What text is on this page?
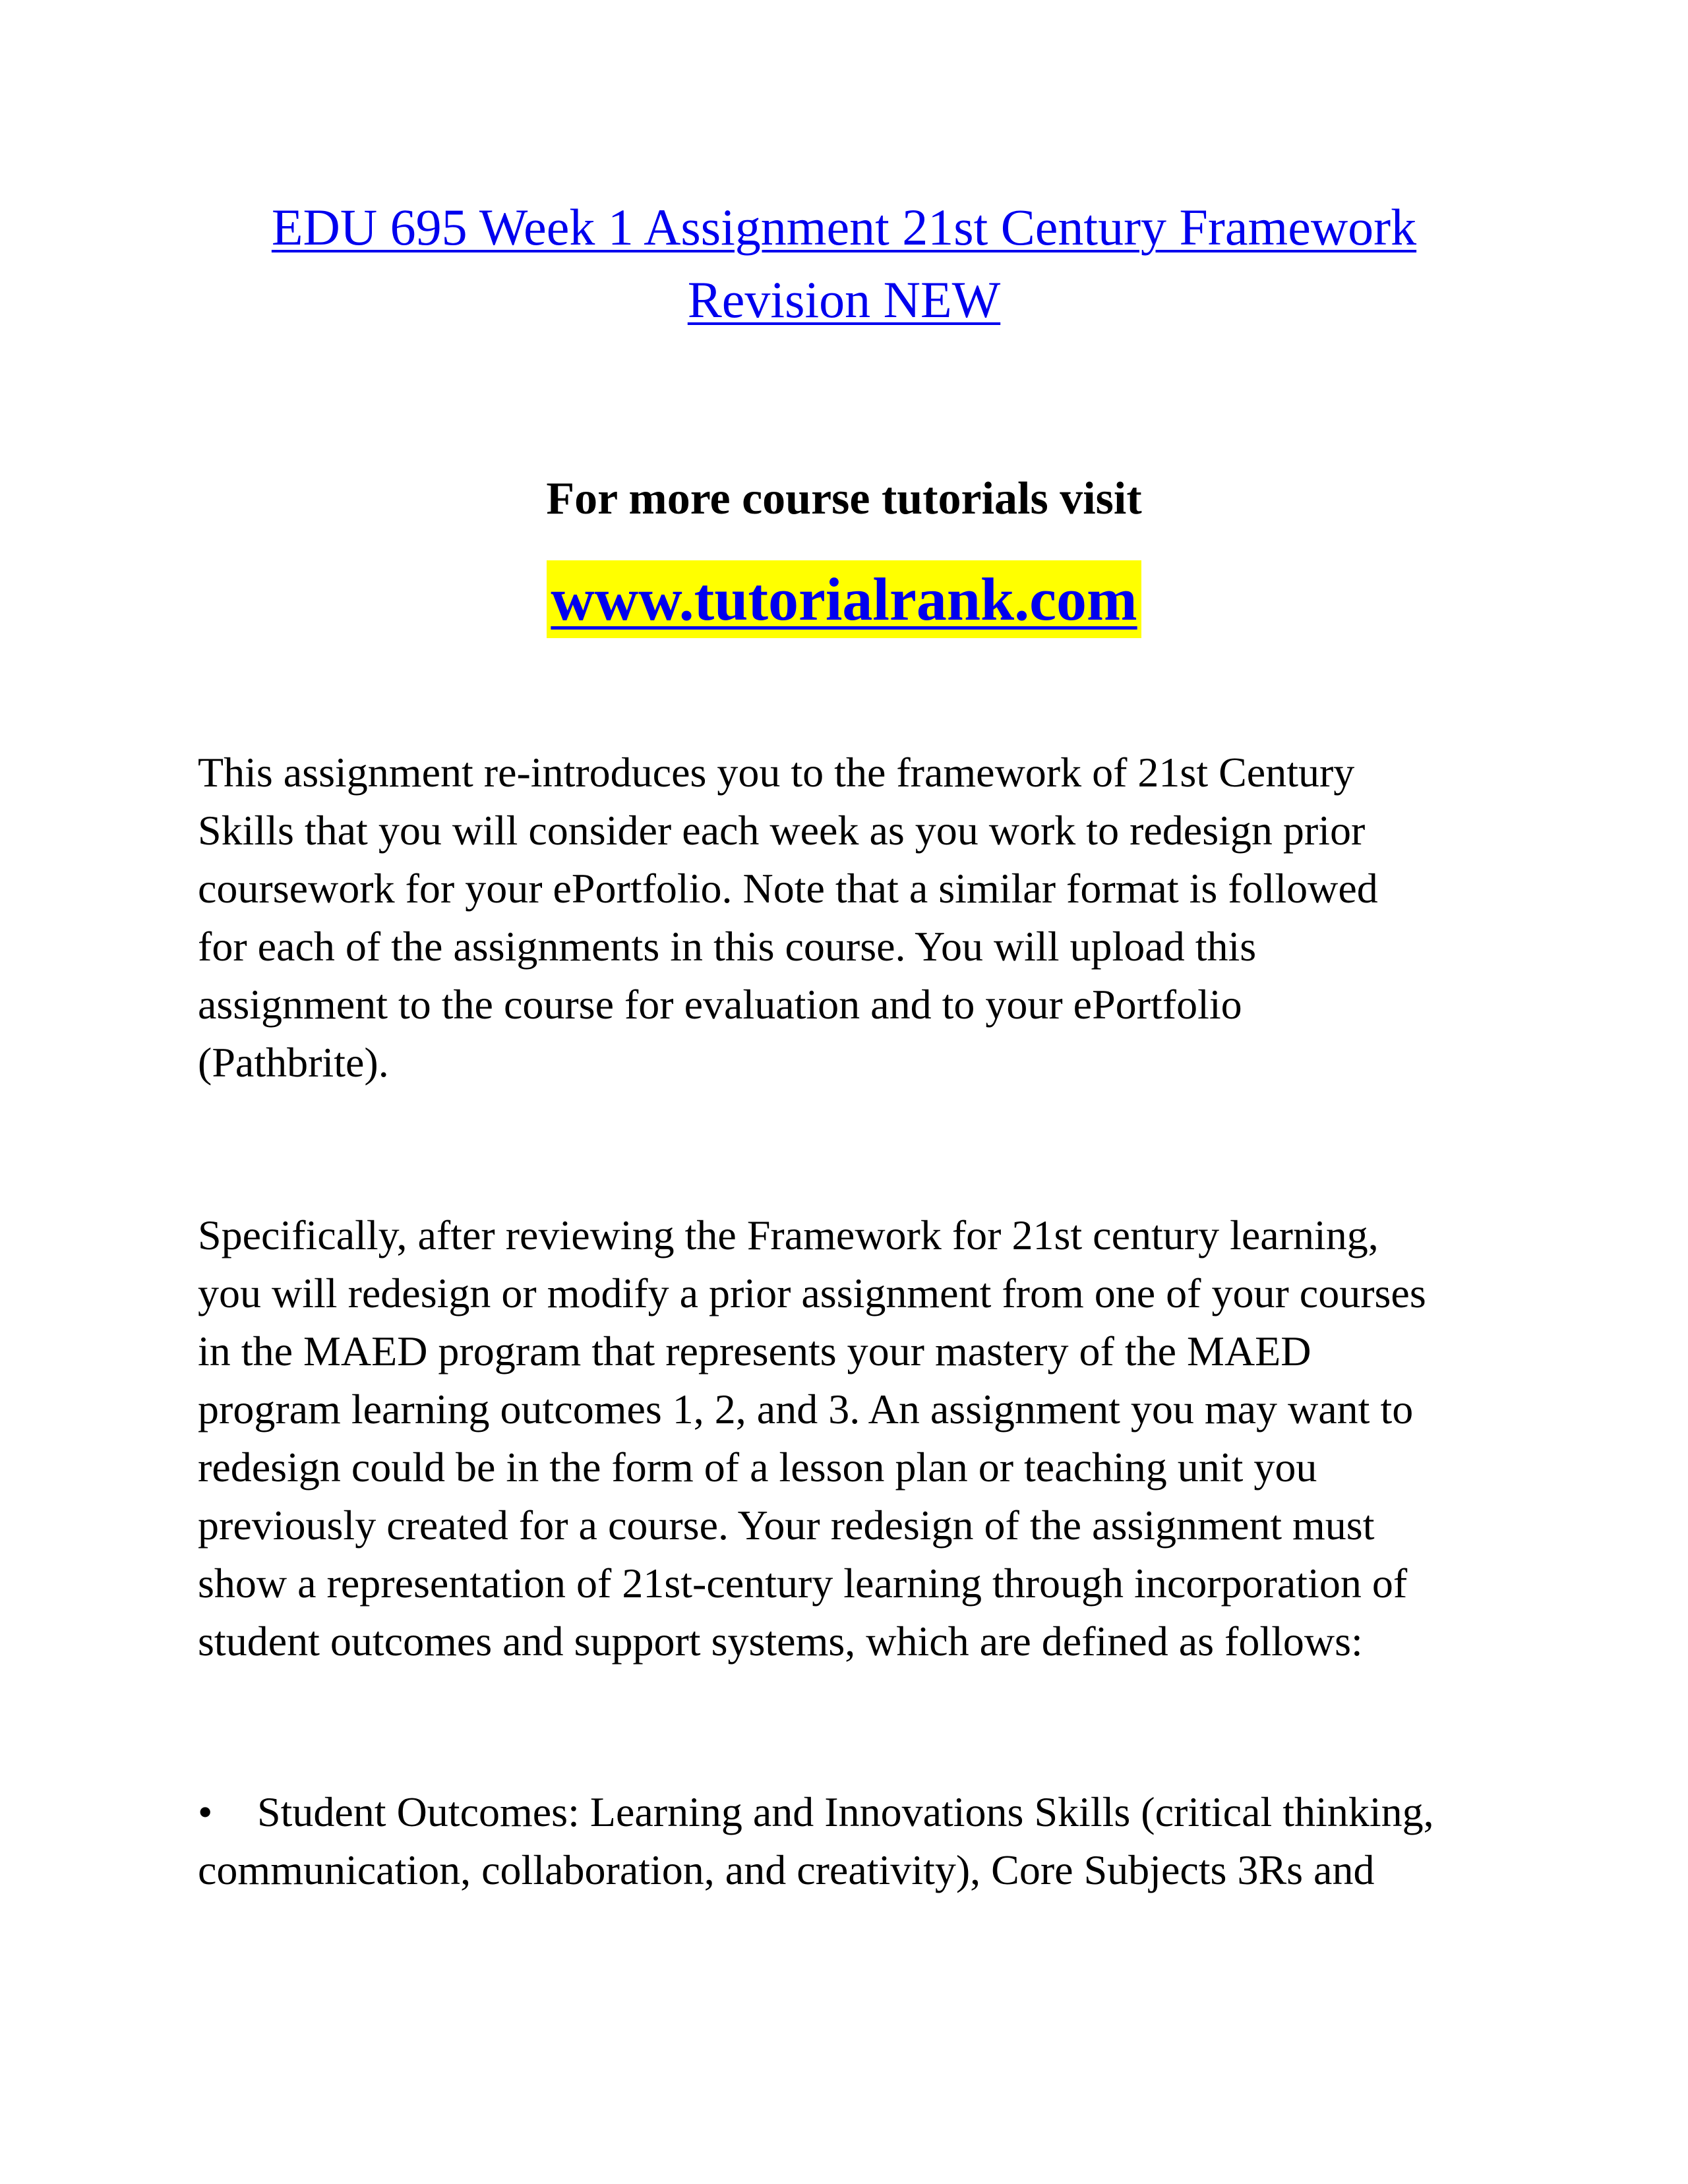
EDU 695 Week 1 Assignment 21st Century Framework
Revision NEW

For more course tutorials visit

www.tutorialrank.com

This assignment re-introduces you to the framework of 21st Century
Skills that you will consider each week as you work to redesign prior
coursework for your ePortfolio. Note that a similar format is followed
for each of the assignments in this course. You will upload this
assignment to the course for evaluation and to your ePortfolio
(Pathbrite).

Specifically, after reviewing the Framework for 21st century learning,
you will redesign or modify a prior assignment from one of your courses
in the MAED program that represents your mastery of the MAED
program learning outcomes 1, 2, and 3. An assignment you may want to
redesign could be in the form of a lesson plan or teaching unit you
previously created for a course. Your redesign of the assignment must
show a representation of 21st-century learning through incorporation of
student outcomes and support systems, which are defined as follows:

• Student Outcomes: Learning and Innovations Skills (critical thinking,
communication, collaboration, and creativity), Core Subjects 3Rs and
